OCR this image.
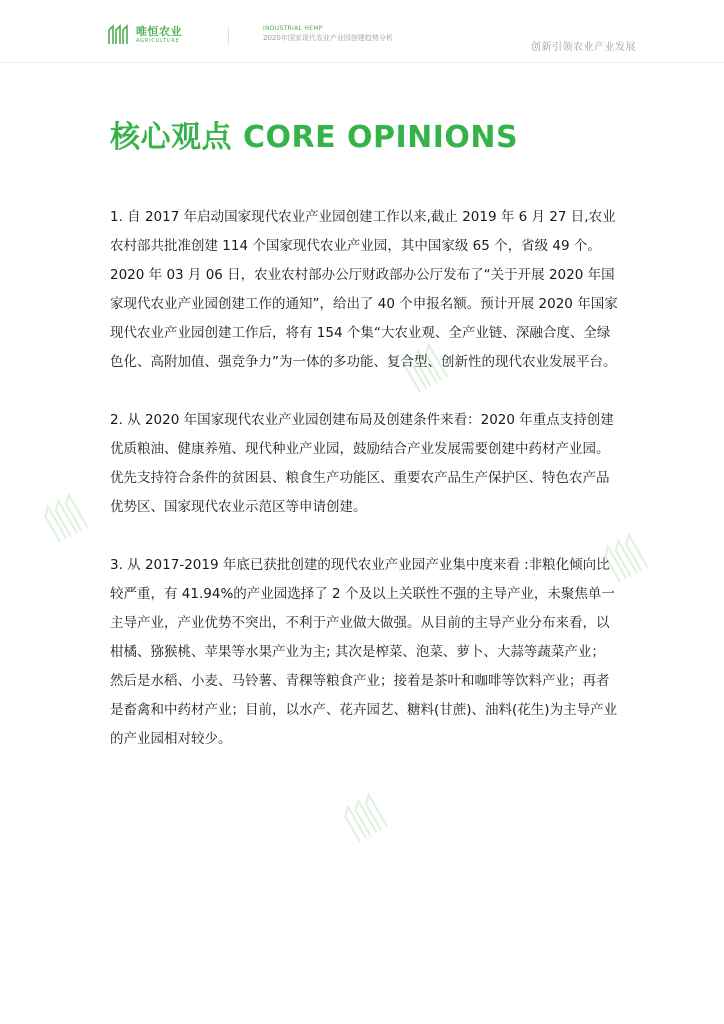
唯恒农业
AGRICULTURE
INDUSTRIAL HEMP
2020年国家现代农业产业园创建趋势分析
创新引领农业产业发展
核心观点 CORE OPINIONS

1. 自 2017 年启动国家现代农业产业园创建工作以来,截止 2019 年 6 月 27 日,农业农村部共批准创建 114 个国家现代农业产业园，其中国家级 65 个，省级 49 个。2020 年 03 月 06 日，农业农村部办公厅财政部办公厅发布了“关于开展 2020 年国家现代农业产业园创建工作的通知”，给出了 40 个申报名额。预计开展 2020 年国家现代农业产业园创建工作后，将有 154 个集“大农业观、全产业链、深融合度、全绿色化、高附加值、强竞争力”为一体的多功能、复合型、创新性的现代农业发展平台。

2. 从 2020 年国家现代农业产业园创建布局及创建条件来看：2020 年重点支持创建优质粮油、健康养殖、现代种业产业园，鼓励结合产业发展需要创建中药材产业园。优先支持符合条件的贫困县、粮食生产功能区、重要农产品生产保护区、特色农产品优势区、国家现代农业示范区等申请创建。

3. 从 2017-2019 年底已获批创建的现代农业产业园产业集中度来看 :非粮化倾向比较严重，有 41.94%的产业园选择了 2 个及以上关联性不强的主导产业，未聚焦单一主导产业，产业优势不突出，不利于产业做大做强。从目前的主导产业分布来看，以柑橘、猕猴桃、苹果等水果产业为主; 其次是榨菜、泡菜、萝卜、大蒜等蔬菜产业；然后是水稻、小麦、马铃薯、青稞等粮食产业；接着是茶叶和咖啡等饮料产业；再者是畜禽和中药材产业；目前，以水产、花卉园艺、糖料(甘蔗)、油料(花生)为主导产业的产业园相对较少。
